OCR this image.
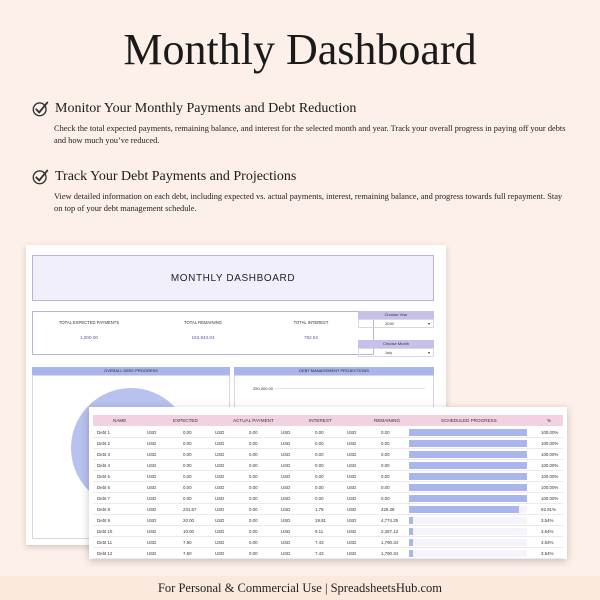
Monthly Dashboard
Monitor Your Monthly Payments and Debt Reduction
Check the total expected payments, remaining balance, and interest for the selected month and year. Track your overall progress in paying off your debts and how much you’ve reduced.
Track Your Debt Payments and Projections
View detailed information on each debt, including expected vs. actual payments, interest, remaining balance, and progress towards full repayment. Stay on top of your debt management schedule.
MONTHLY DASHBOARD
TOTAL EXPECTED PAYMENTS
1,000.00
TOTAL REMAINING
183,843.04
TOTAL INTEREST
782.92
Choose Year
2040 ▾
Choose Month
July ▾
OVERALL DEBT PROGRESS	DEBT MANAGEMENT PROJECTIONS
250,000.00
NAME	EXPECTED	ACTUAL PAYMENT	INTEREST	REMAINING	SCHEDULED PROGRESS	%
Debt 1	USD	0.00	USD	0.00	USD	0.00	USD	0.00	100.00%
Debt 2	USD	0.00	USD	0.00	USD	0.00	USD	0.00	100.00%
Debt 3	USD	0.00	USD	0.00	USD	0.00	USD	0.00	100.00%
Debt 4	USD	0.00	USD	0.00	USD	0.00	USD	0.00	100.00%
Debt 5	USD	0.00	USD	0.00	USD	0.00	USD	0.00	100.00%
Debt 6	USD	0.00	USD	0.00	USD	0.00	USD	0.00	100.00%
Debt 7	USD	0.00	USD	0.00	USD	0.00	USD	0.00	100.00%
Debt 8	USD	231.57	USD	0.00	USD	1.78	USD	429.38	92.91%
Debt 9	USD	20.00	USD	0.00	USD	19.81	USD	4,774.25	3.54%
Debt 10	USD	10.00	USD	0.00	USD	9.11	USD	2,387.13	3.54%
Debt 11	USD	7.50	USD	0.00	USD	7.43	USD	1,790.34	3.54%
Debt 12	USD	7.50	USD	0.00	USD	7.43	USD	1,790.34	3.54%
For Personal & Commercial Use | SpreadsheetsHub.com
